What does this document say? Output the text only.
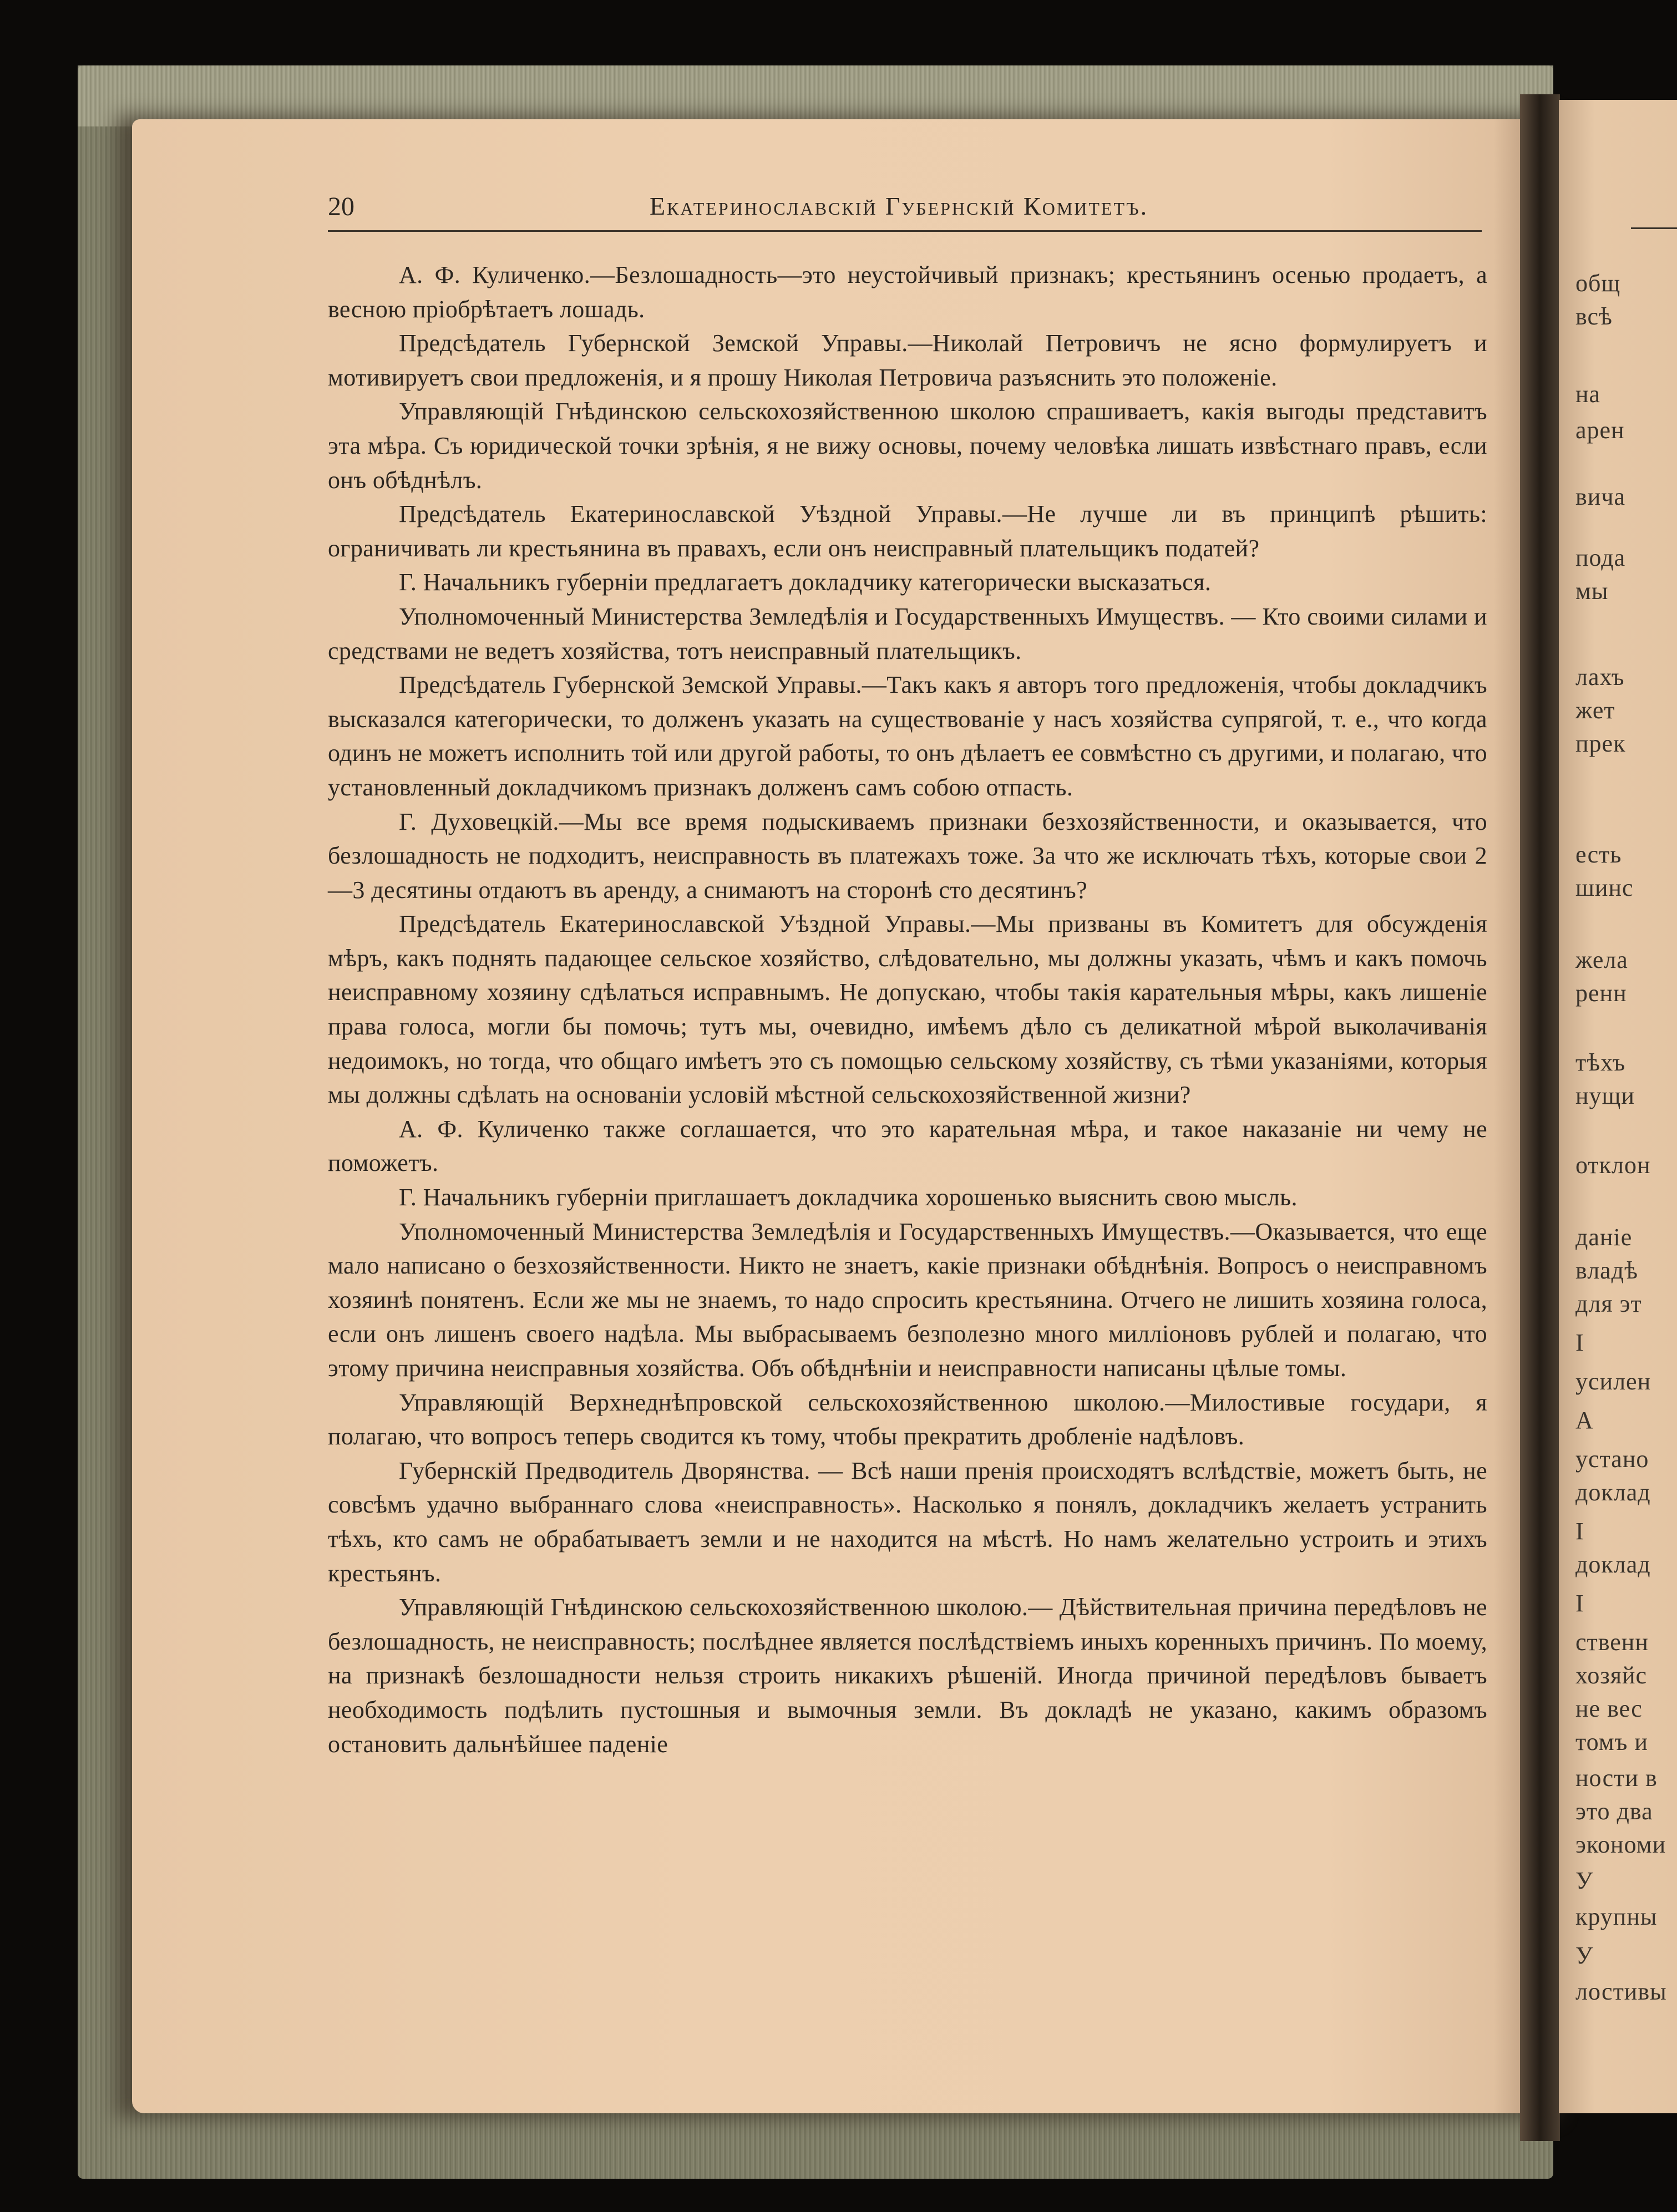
20	Екатеринославскій Губернскій Комитетъ.

А. Ф. Куличенко.—Безлошадность—это неустойчивый признакъ; крестьянинъ осенью продаетъ, а весною пріобрѣтаетъ лошадь.

Предсѣдатель Губернской Земской Управы.—Николай Петровичъ не ясно формулируетъ и мотивируетъ свои предложенія, и я прошу Николая Петровича разъяснить это положеніе.

Управляющій Гнѣдинскою сельскохозяйственною школою спрашиваетъ, какія выгоды представитъ эта мѣра. Съ юридической точки зрѣнія, я не вижу основы, почему человѣка лишать извѣстнаго правъ, если онъ обѣднѣлъ.

Предсѣдатель Екатеринославской Уѣздной Управы.—Не лучше ли въ принципѣ рѣшить: ограничивать ли крестьянина въ правахъ, если онъ неисправный плательщикъ податей?

Г. Начальникъ губерніи предлагаетъ докладчику категорически высказаться.

Уполномоченный Министерства Земледѣлія и Государственныхъ Имуществъ. — Кто своими силами и средствами не ведетъ хозяйства, тотъ неисправный плательщикъ.

Предсѣдатель Губернской Земской Управы.—Такъ какъ я авторъ того предложенія, чтобы докладчикъ высказался категорически, то долженъ указать на существованіе у насъ хозяйства супрягой, т. е., что когда одинъ не можетъ исполнить той или другой работы, то онъ дѣлаетъ ее совмѣстно съ другими, и полагаю, что установленный докладчикомъ признакъ долженъ самъ собою отпасть.

Г. Духовецкій.—Мы все время подыскиваемъ признаки безхозяйственности, и оказывается, что безлошадность не подходитъ, неисправность въ платежахъ тоже. За что же исключать тѣхъ, которые свои 2—3 десятины отдаютъ въ аренду, а снимаютъ на сторонѣ сто десятинъ?

Предсѣдатель Екатеринославской Уѣздной Управы.—Мы призваны въ Комитетъ для обсужденія мѣръ, какъ поднять падающее сельское хозяйство, слѣдовательно, мы должны указать, чѣмъ и какъ помочь неисправному хозяину сдѣлаться исправнымъ. Не допускаю, чтобы такія карательныя мѣры, какъ лишеніе права голоса, могли бы помочь; тутъ мы, очевидно, имѣемъ дѣло съ деликатной мѣрой выколачиванія недоимокъ, но тогда, что общаго имѣетъ это съ помощью сельскому хозяйству, съ тѣми указаніями, которыя мы должны сдѣлать на основаніи условій мѣстной сельскохозяйственной жизни?

А. Ф. Куличенко также соглашается, что это карательная мѣра, и такое наказаніе ни чему не поможетъ.

Г. Начальникъ губерніи приглашаетъ докладчика хорошенько выяснить свою мысль.

Уполномоченный Министерства Земледѣлія и Государственныхъ Имуществъ.—Оказывается, что еще мало написано о безхозяйственности. Никто не знаетъ, какіе признаки обѣднѣнія. Вопросъ о неисправномъ хозяинѣ понятенъ. Если же мы не знаемъ, то надо спросить крестьянина. Отчего не лишить хозяина голоса, если онъ лишенъ своего надѣла. Мы выбрасываемъ безполезно много милліоновъ рублей и полагаю, что этому причина неисправныя хозяйства. Объ обѣднѣніи и неисправности написаны цѣлые томы.

Управляющій Верхнеднѣпровской сельскохозяйственною школою.—Милостивые государи, я полагаю, что вопросъ теперь сводится къ тому, чтобы прекратить дробленіе надѣловъ.

Губернскій Предводитель Дворянства. — Всѣ наши пренія происходятъ вслѣдствіе, можетъ быть, не совсѣмъ удачно выбраннаго слова «неисправность». Насколько я понялъ, докладчикъ желаетъ устранить тѣхъ, кто самъ не обрабатываетъ земли и не находится на мѣстѣ. Но намъ желательно устроить и этихъ крестьянъ.

Управляющій Гнѣдинскою сельскохозяйственною школою.— Дѣйствительная причина передѣловъ не безлошадность, не неисправность; послѣднее является послѣдствіемъ иныхъ коренныхъ причинъ. По моему, на признакѣ безлошадности нельзя строить никакихъ рѣшеній. Иногда причиной передѣловъ бываетъ необходимость подѣлить пустошныя и вымочныя земли. Въ докладѣ не указано, какимъ образомъ остановить дальнѣйшее паденіе

общ
всѣ
на
арен
вича
пода
мы
лахъ
жет
прек
есть
шинс
жела
ренн
тѣхъ
нущи
отклон
даніе
владѣ
для эт
І
усилен
А
устано
доклад
І
доклад
І
ственн
хозяйс
не вес
томъ и
ности в
это два
экономи
У
крупны
У
лостивы
